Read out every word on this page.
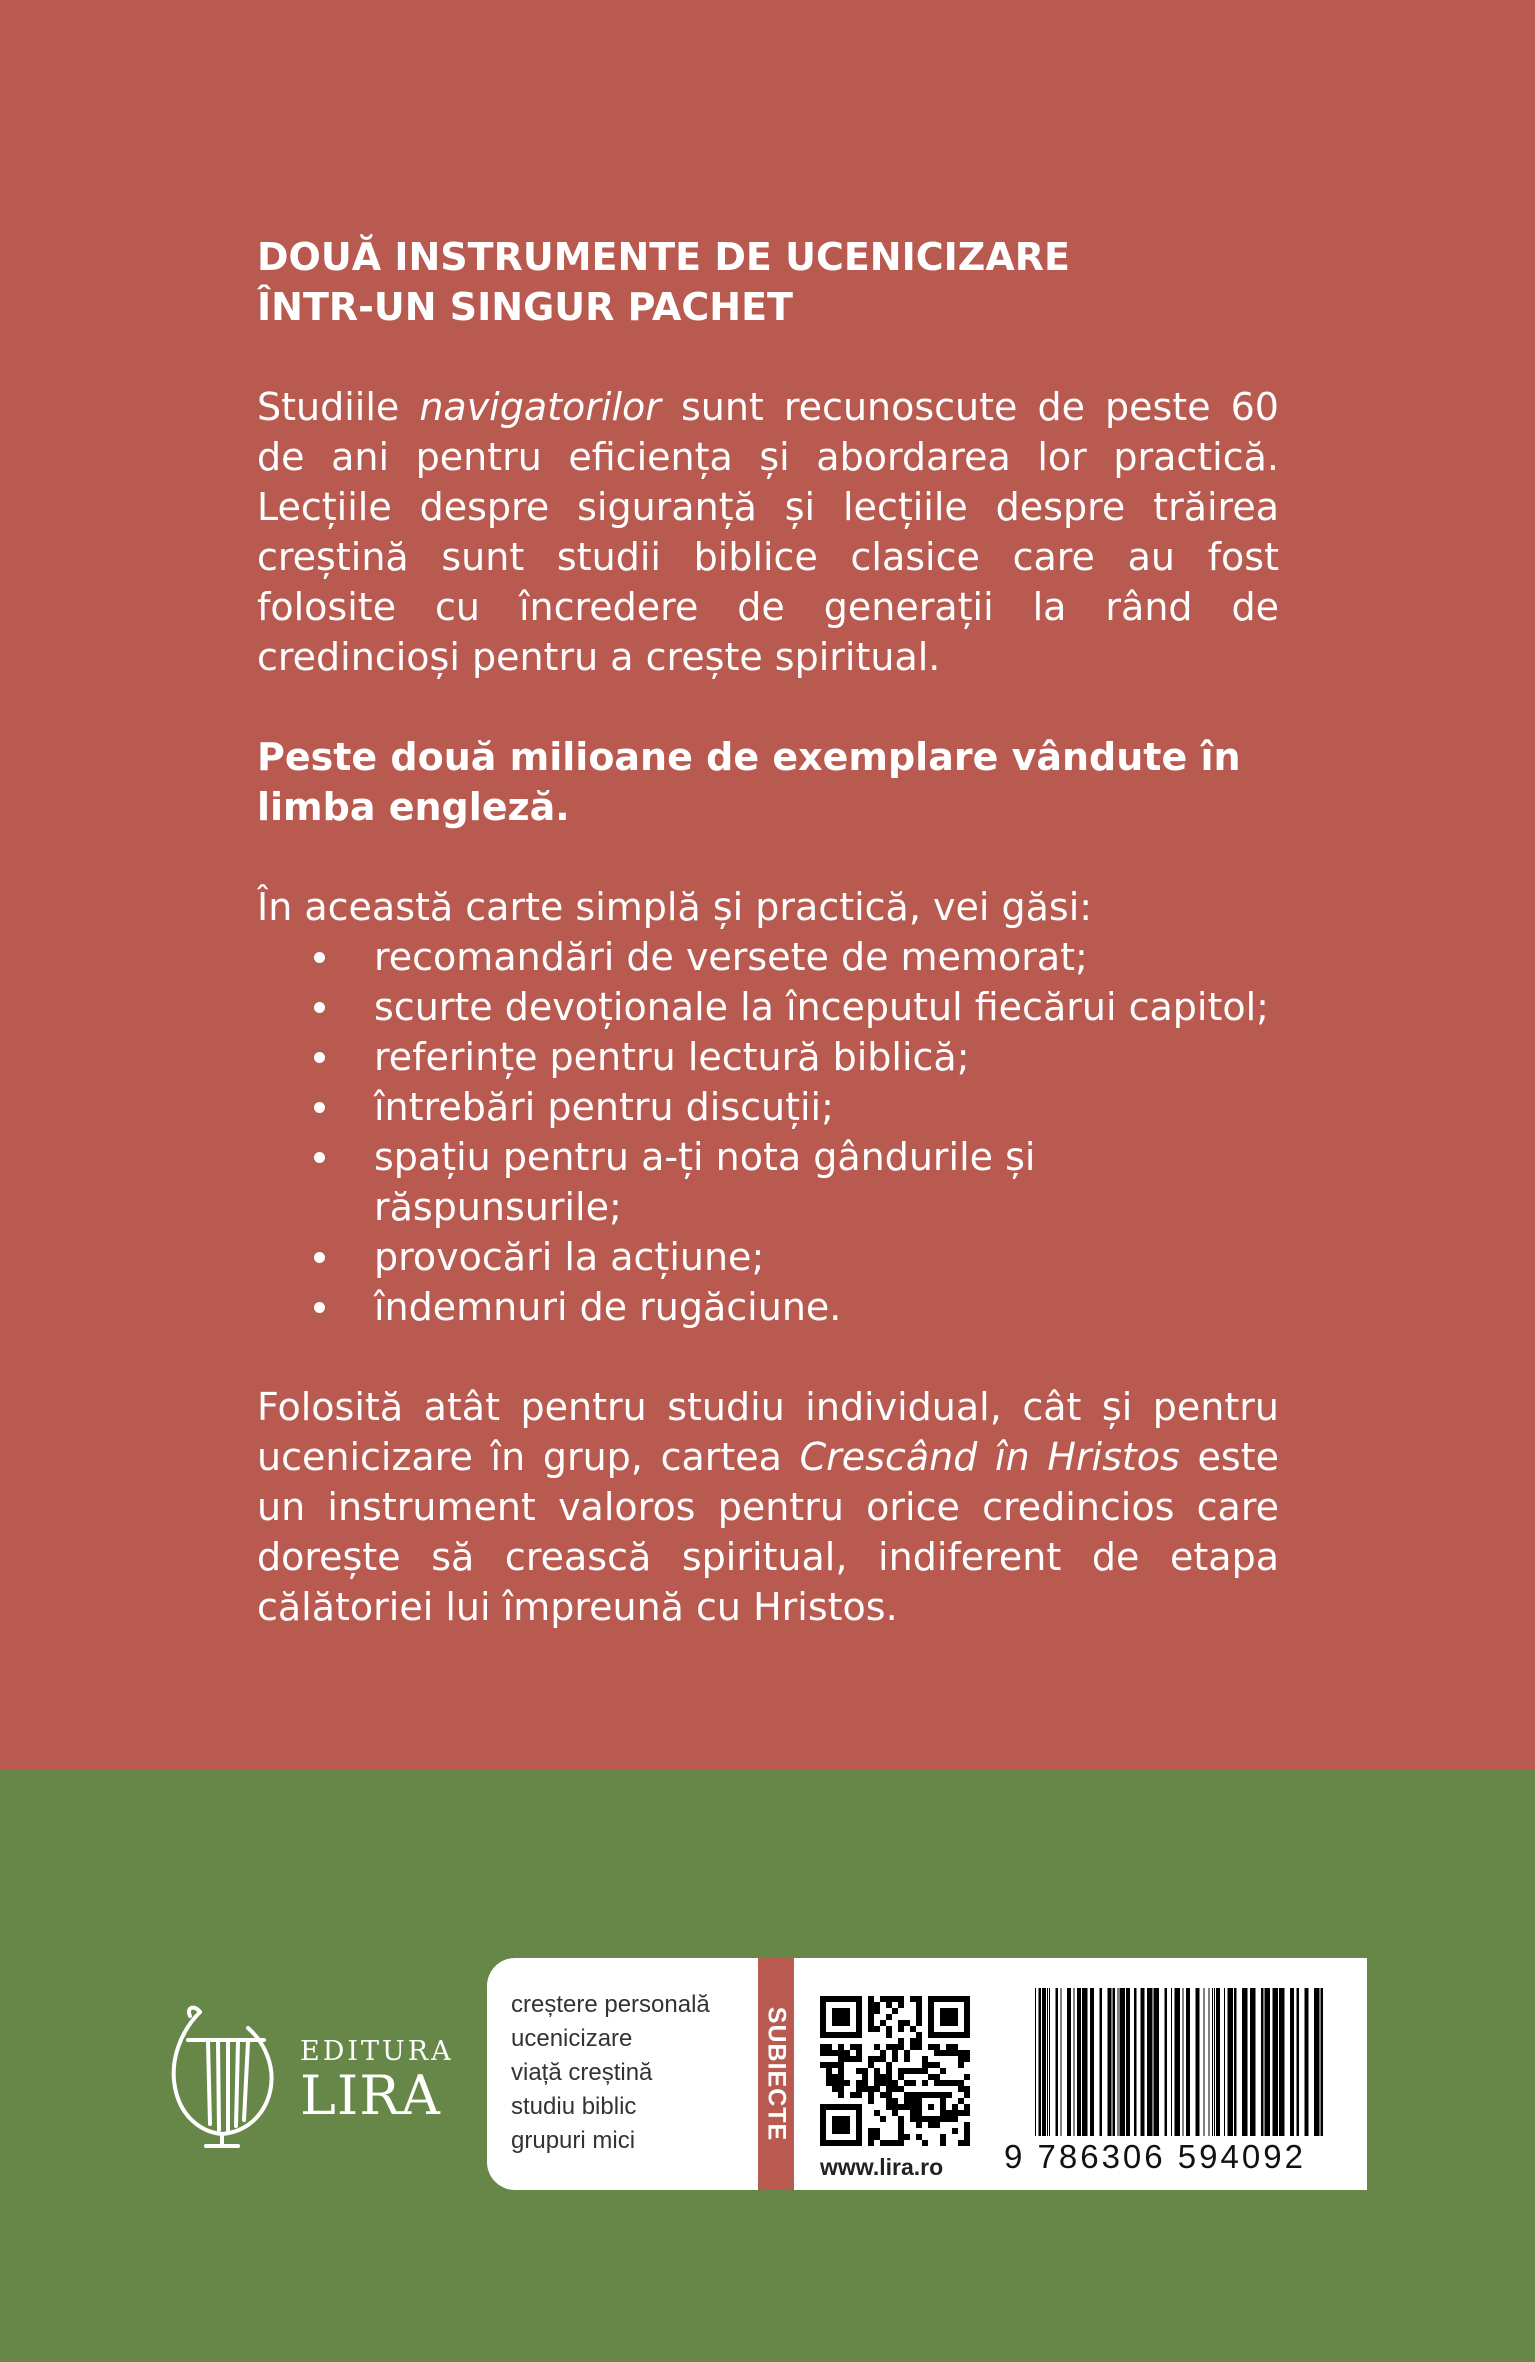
DOUĂ INSTRUMENTE DE UCENICIZARE
ÎNTR-UN SINGUR PACHET

Studiile navigatorilor sunt recunoscute de peste 60 de ani pentru eficiența și abordarea lor practică. Lecțiile despre siguranță și lecțiile despre trăirea creștină sunt studii biblice clasice care au fost folosite cu încredere de generații la rând de credincioși pentru a crește spiritual.

Peste două milioane de exemplare vândute în limba engleză.

În această carte simplă și practică, vei găsi:

recomandări de versete de memorat;
scurte devoționale la începutul fiecărui capitol;
referințe pentru lectură biblică;
întrebări pentru discuții;
spațiu pentru a-ți nota gândurile și răspunsurile;
provocări la acțiune;
îndemnuri de rugăciune.

Folosită atât pentru studiu individual, cât și pentru ucenicizare în grup, cartea Crescând în Hristos este un instrument valoros pentru orice credincios care dorește să crească spiritual, indiferent de etapa călătoriei lui împreună cu Hristos.

EDITURA
LIRA
creștere personală
ucenicizare
viață creștină
studiu biblic
grupuri mici	SUBIECTE
www.lira.ro 9 786306 594092
